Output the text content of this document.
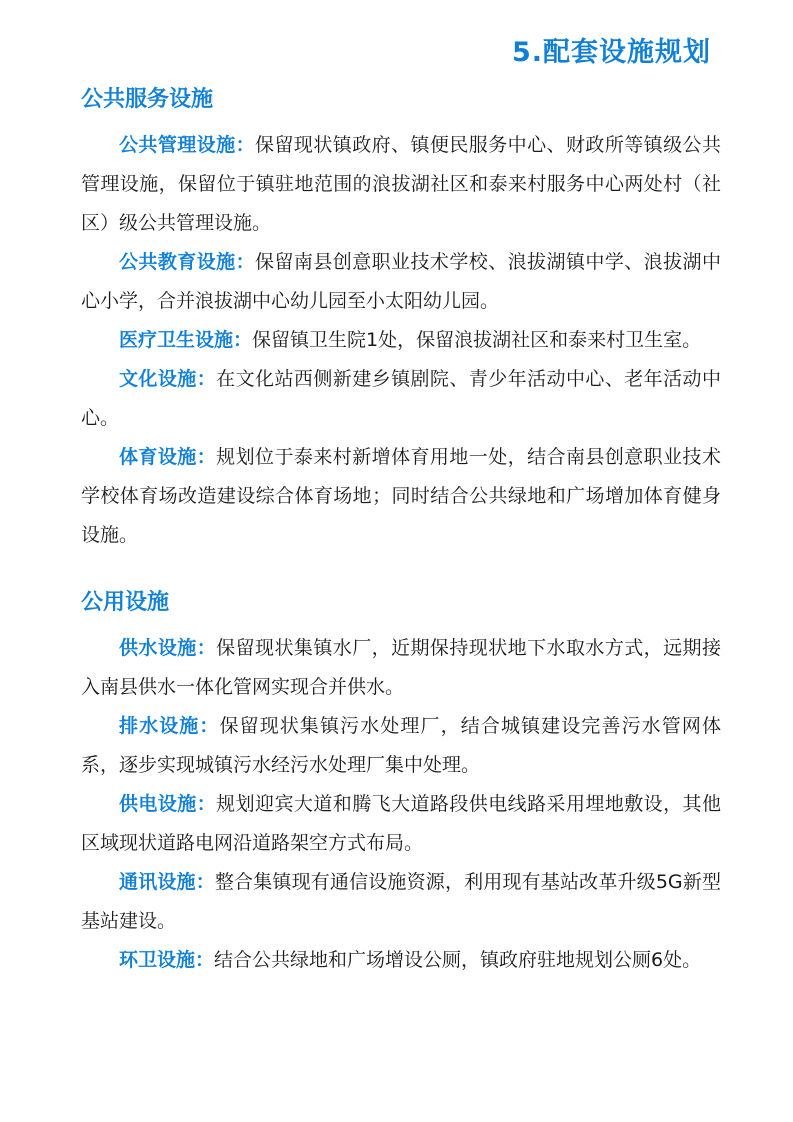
5.配套设施规划
公共服务设施

公共管理设施：保留现状镇政府、镇便民服务中心、财政所等镇级公共管理设施，保留位于镇驻地范围的浪拔湖社区和泰来村服务中心两处村（社区）级公共管理设施。

公共教育设施：保留南县创意职业技术学校、浪拔湖镇中学、浪拔湖中心小学，合并浪拔湖中心幼儿园至小太阳幼儿园。

医疗卫生设施：保留镇卫生院1处，保留浪拔湖社区和泰来村卫生室。

文化设施：在文化站西侧新建乡镇剧院、青少年活动中心、老年活动中心。

体育设施：规划位于泰来村新增体育用地一处，结合南县创意职业技术学校体育场改造建设综合体育场地；同时结合公共绿地和广场增加体育健身设施。

公用设施

供水设施：保留现状集镇水厂，近期保持现状地下水取水方式，远期接入南县供水一体化管网实现合并供水。

排水设施：保留现状集镇污水处理厂，结合城镇建设完善污水管网体系，逐步实现城镇污水经污水处理厂集中处理。

供电设施：规划迎宾大道和腾飞大道路段供电线路采用埋地敷设，其他区域现状道路电网沿道路架空方式布局。

通讯设施：整合集镇现有通信设施资源，利用现有基站改革升级5G新型基站建设。

环卫设施：结合公共绿地和广场增设公厕，镇政府驻地规划公厕6处。
